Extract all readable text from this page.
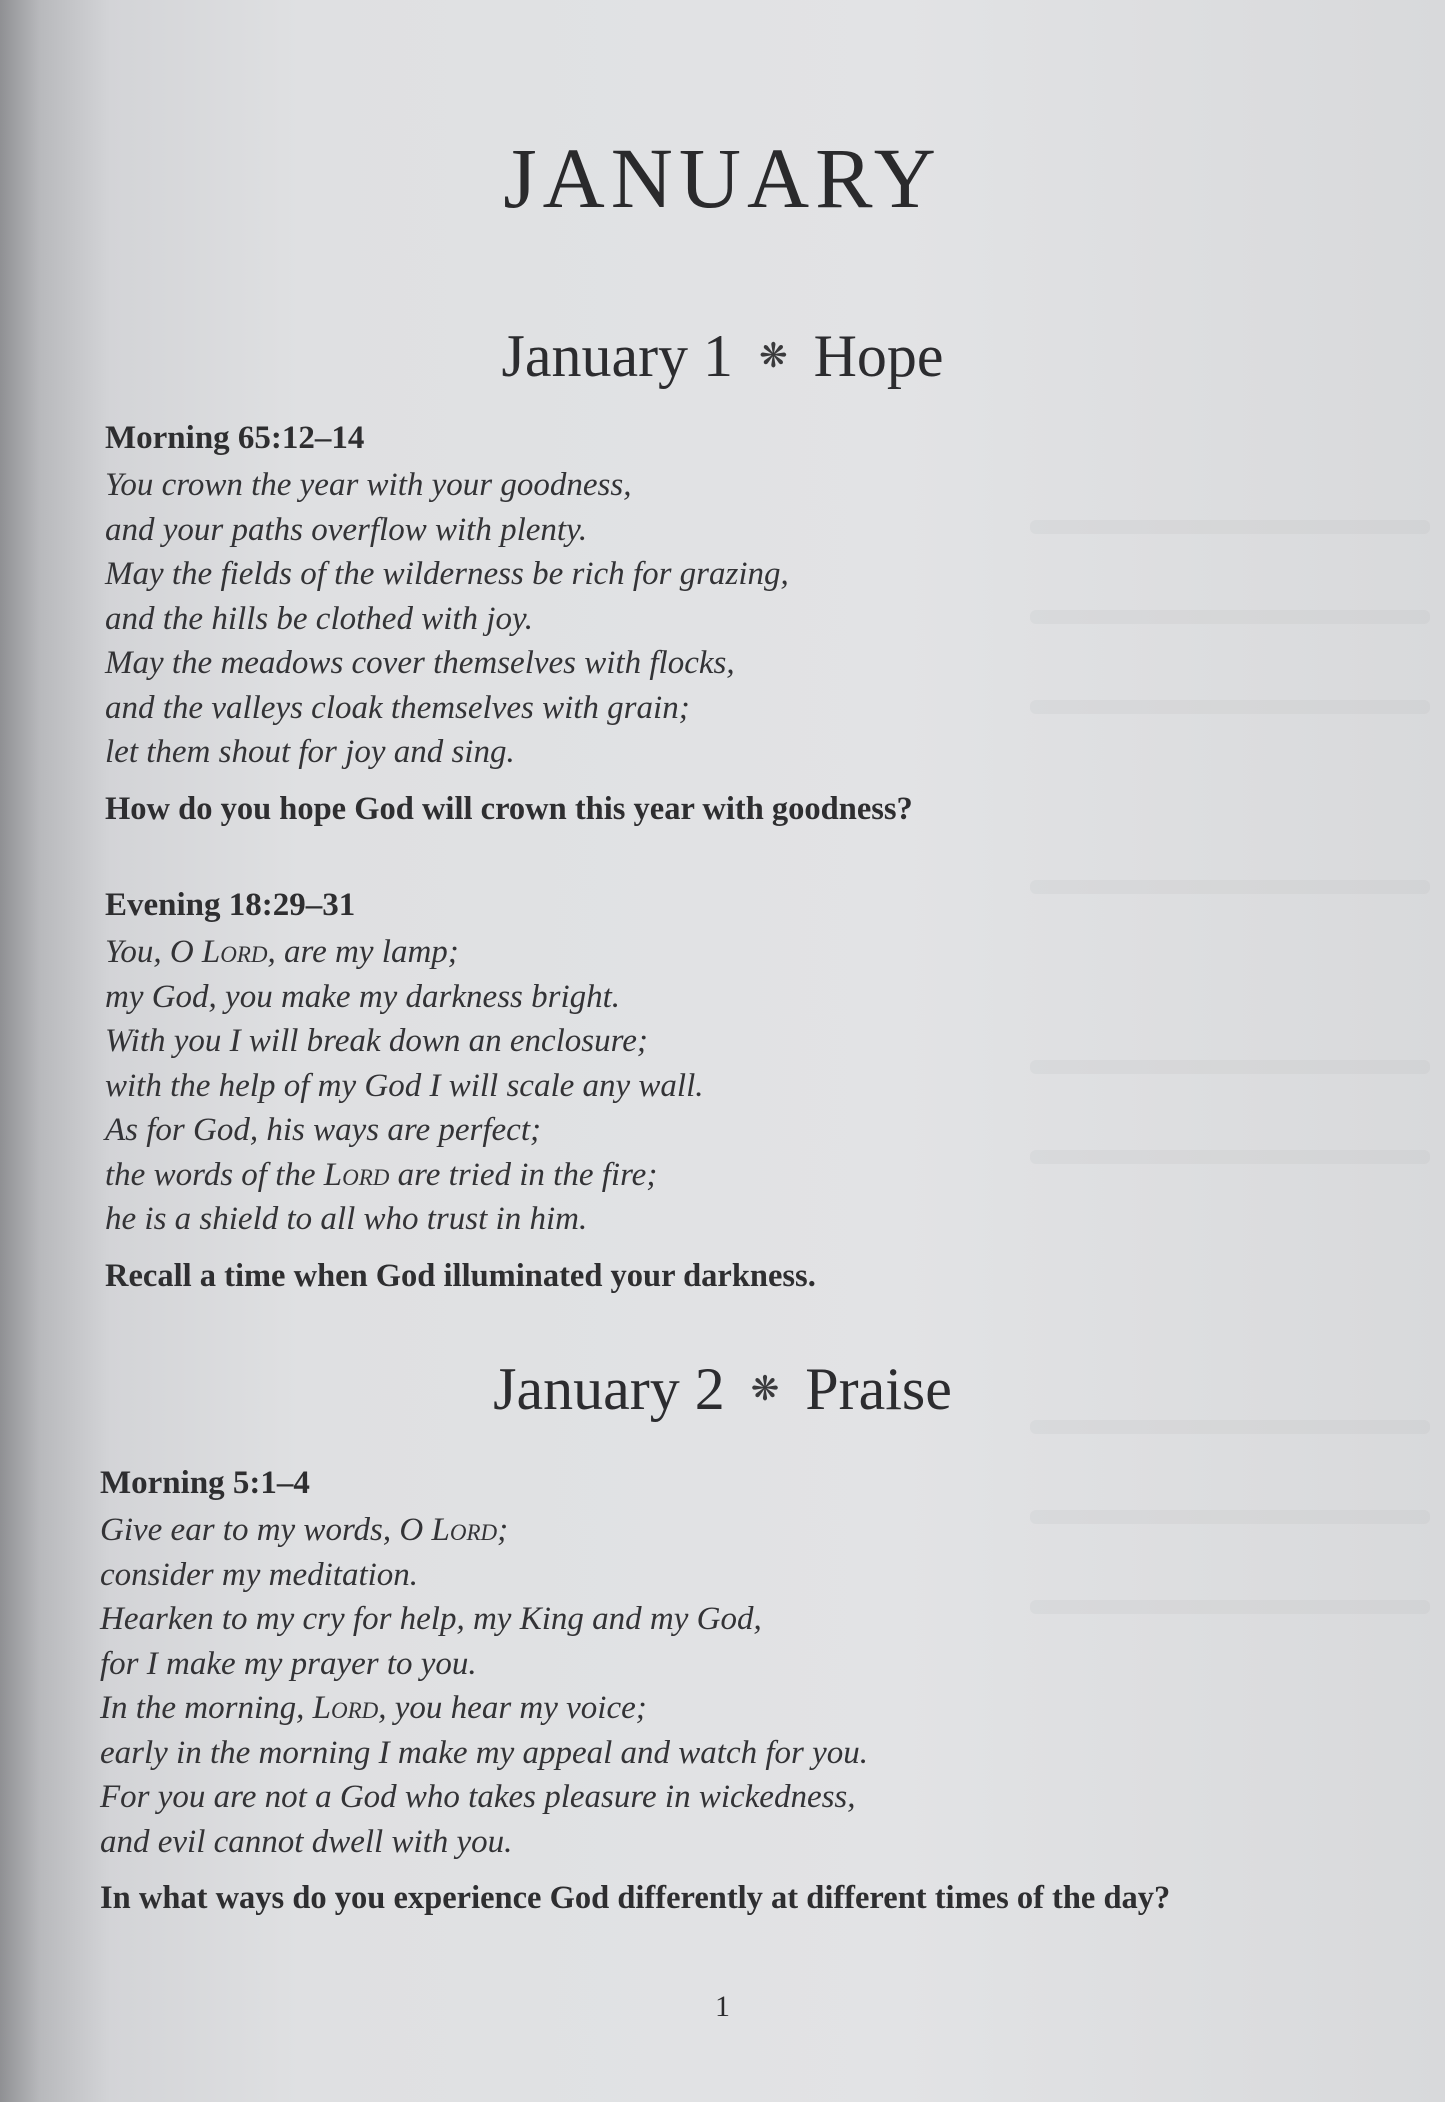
JANUARY
January 1 ❋ Hope
Morning 65:12–14
You crown the year with your goodness,
and your paths overflow with plenty.
May the fields of the wilderness be rich for grazing,
and the hills be clothed with joy.
May the meadows cover themselves with flocks,
and the valleys cloak themselves with grain;
let them shout for joy and sing.
How do you hope God will crown this year with goodness?
Evening 18:29–31
You, O Lord, are my lamp;
my God, you make my darkness bright.
With you I will break down an enclosure;
with the help of my God I will scale any wall.
As for God, his ways are perfect;
the words of the Lord are tried in the fire;
he is a shield to all who trust in him.
Recall a time when God illuminated your darkness.
January 2 ❋ Praise
Morning 5:1–4
Give ear to my words, O Lord;
consider my meditation.
Hearken to my cry for help, my King and my God,
for I make my prayer to you.
In the morning, Lord, you hear my voice;
early in the morning I make my appeal and watch for you.
For you are not a God who takes pleasure in wickedness,
and evil cannot dwell with you.
In what ways do you experience God differently at different times of the day?
1
